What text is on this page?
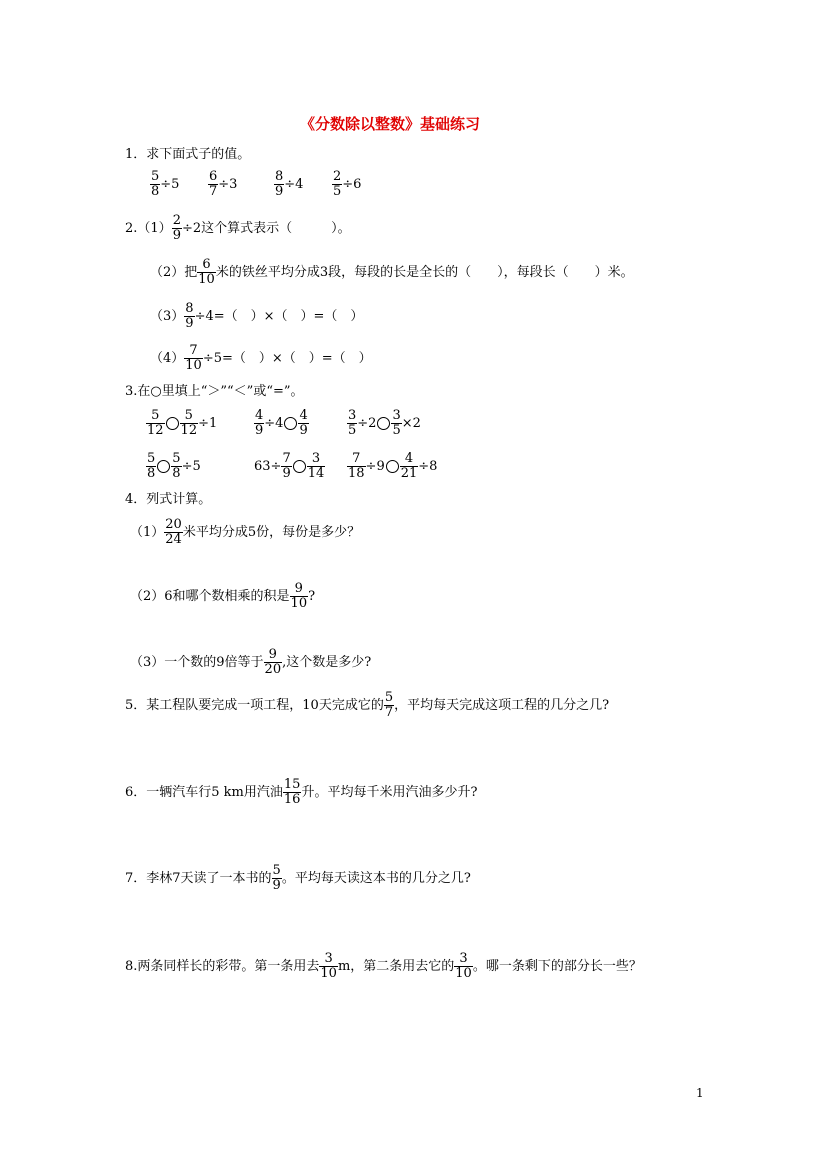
《分数除以整数》基础练习
1．求下面式子的值。
$\frac{5}{8} \div 5 \frac{6}{7} \div 3$	$\frac{8}{9} \div 4 \frac{2}{5} \div 6$
$2.(1) \frac{2}{9} \div 2$这个算式表示（　　　）。
（2）把 $\frac{6}{10}$ 米的铁丝平均分成3段，每段的长是全长的（　　），每段长（　　）米。
$(3) \frac{8}{9} \div 4=$（　）×（　）=（　）
$(4) \frac{7}{10} \div 5=$（　）×（　）=（　）
3.在○里填上“＞”“＜”或“=”。
$\frac{5}{12} \frac{5}{12} \div 1$	$\frac{4}{9} \div 4 \frac{4}{9}$	$\frac{3}{5} \div 2 \frac{3}{5} \times 2$
$\frac{5}{8} \frac{5}{8} \div 5$	$63\div \frac{7}{9} \frac{3}{14} \frac{7}{18} \div 9 \frac{4}{21} \div 8$
4．列式计算。
$(1) \frac{20}{24}$ 米平均分成5份，每份是多少？
（2）6和哪个数相乘的积是 $\frac{9}{10}$ ?
（3）一个数的9倍等于 $\frac{9}{20}$ ,这个数是多少?
5．某工程队要完成一项工程，10天完成它的 $\frac{5}{7}$ ，平均每天完成这项工程的几分之几?
6．一辆汽车行5 km用汽油 $\frac{15}{16}$ 升。平均每千米用汽油多少升?
7．李林7天读了一本书的 $\frac{5}{9}$ 。平均每天读这本书的几分之几?
8.两条同样长的彩带。第一条用去 $\frac{3}{10}$ m，第二条用去它的 $\frac{3}{10}$ 。哪一条剩下的部分长一些？
1
